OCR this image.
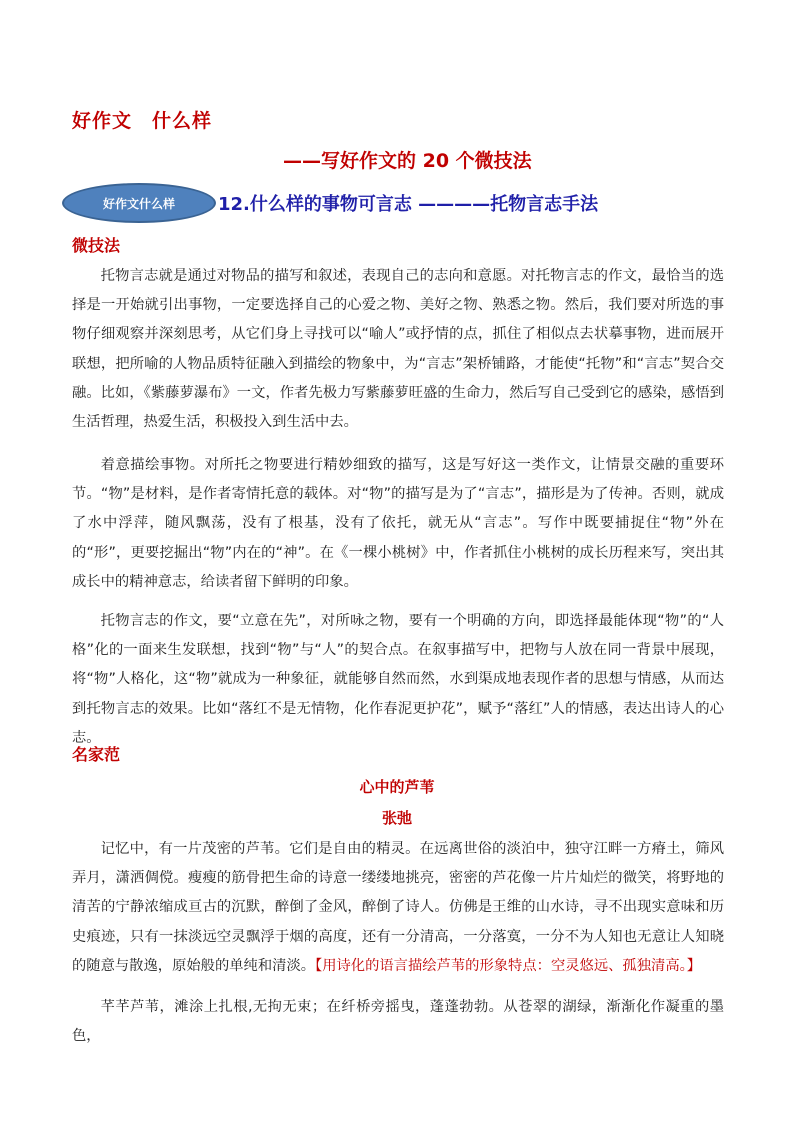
好作文　什么样
——写好作文的 20 个微技法
好作文什么样 12.什么样的事物可言志 ————托物言志手法
微技法

托物言志就是通过对物品的描写和叙述，表现自己的志向和意愿。对托物言志的作文，最恰当的选择是一开始就引出事物，一定要选择自己的心爱之物、美好之物、熟悉之物。然后，我们要对所选的事物仔细观察并深刻思考，从它们身上寻找可以“喻人”或抒情的点，抓住了相似点去状摹事物，进而展开联想，把所喻的人物品质特征融入到描绘的物象中，为“言志”架桥铺路，才能使“托物”和“言志”契合交融。比如，《紫藤萝瀑布》一文，作者先极力写紫藤萝旺盛的生命力，然后写自己受到它的感染，感悟到生活哲理，热爱生活，积极投入到生活中去。

着意描绘事物。对所托之物要进行精妙细致的描写，这是写好这一类作文，让情景交融的重要环节。“物”是材料，是作者寄情托意的载体。对“物”的描写是为了“言志”，描形是为了传神。否则，就成了水中浮萍，随风飘荡，没有了根基，没有了依托，就无从“言志”。写作中既要捕捉住“物”外在的“形”，更要挖掘出“物”内在的“神”。在《一棵小桃树》中，作者抓住小桃树的成长历程来写，突出其成长中的精神意志，给读者留下鲜明的印象。

托物言志的作文，要“立意在先”，对所咏之物，要有一个明确的方向，即选择最能体现“物”的“人格”化的一面来生发联想，找到“物”与“人”的契合点。在叙事描写中，把物与人放在同一背景中展现，将“物”人格化，这“物”就成为一种象征，就能够自然而然，水到渠成地表现作者的思想与情感，从而达到托物言志的效果。比如“落红不是无情物，化作春泥更护花”，赋予“落红”人的情感，表达出诗人的心志。

名家范
心中的芦苇
张弛

记忆中，有一片茂密的芦苇。它们是自由的精灵。在远离世俗的淡泊中，独守江畔一方瘠土，筛风弄月，潇洒倜傥。瘦瘦的筋骨把生命的诗意一缕缕地挑亮，密密的芦花像一片片灿烂的微笑，将野地的清苦的宁静浓缩成亘古的沉默，醉倒了金风，醉倒了诗人。仿佛是王维的山水诗，寻不出现实意味和历史痕迹，只有一抹淡远空灵飘浮于烟的高度，还有一分清高，一分落寞，一分不为人知也无意让人知晓的随意与散逸，原始般的单纯和清淡。【用诗化的语言描绘芦苇的形象特点：空灵悠远、孤独清高。】

芊芊芦苇，滩涂上扎根,无拘无束；在纤桥旁摇曳，蓬蓬勃勃。从苍翠的湖绿，渐渐化作凝重的墨色，
